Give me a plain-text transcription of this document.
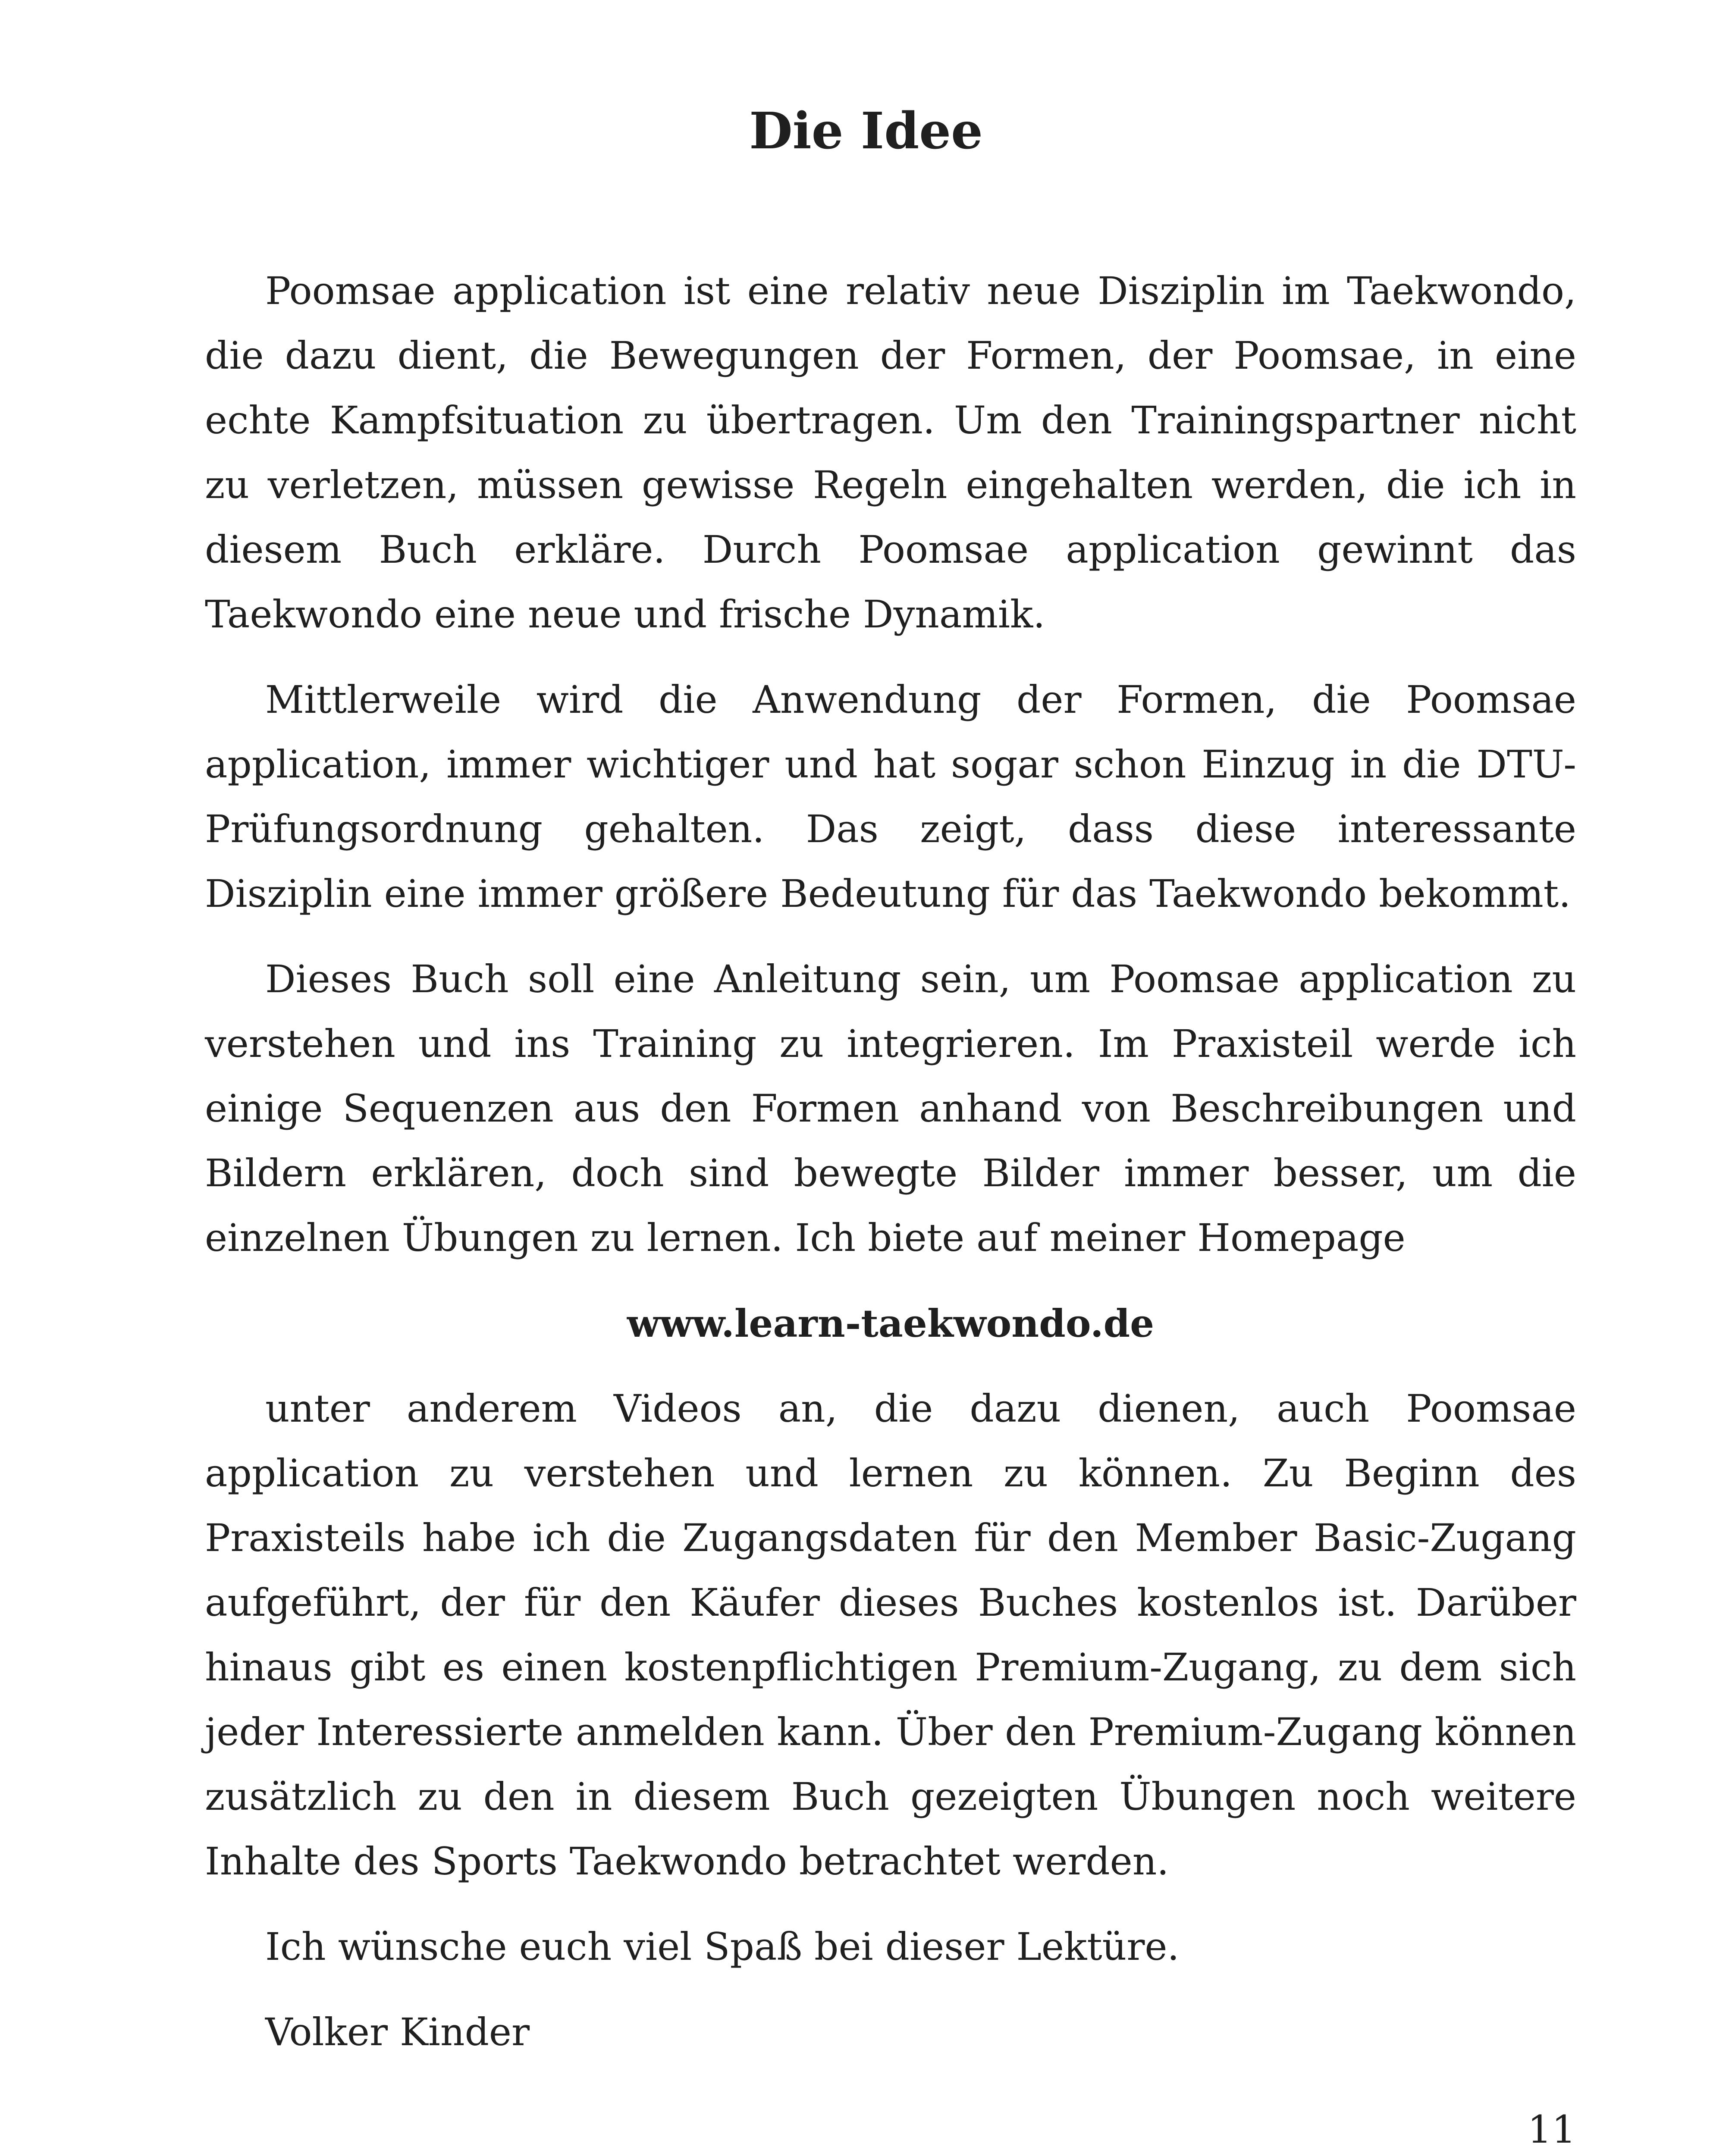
Die Idee

Poomsae application ist eine relativ neue Disziplin im Taekwondo, die dazu dient, die Bewegungen der Formen, der Poomsae, in eine echte Kampfsituation zu übertragen. Um den Trainingspartner nicht zu verletzen, müssen gewisse Regeln eingehalten werden, die ich in diesem Buch erkläre. Durch Poomsae application gewinnt das Taekwondo eine neue und frische Dynamik.

Mittlerweile wird die Anwendung der Formen, die Poomsae application, immer wichtiger und hat sogar schon Einzug in die DTU-Prüfungsordnung gehalten. Das zeigt, dass diese interessante Disziplin eine immer größere Bedeutung für das Taekwondo bekommt.

Dieses Buch soll eine Anleitung sein, um Poomsae application zu verstehen und ins Training zu integrieren. Im Praxisteil werde ich einige Sequenzen aus den Formen anhand von Beschreibungen und Bildern erklären, doch sind bewegte Bilder immer besser, um die einzelnen Übungen zu lernen. Ich biete auf meiner Homepage

www.learn-taekwondo.de

unter anderem Videos an, die dazu dienen, auch Poomsae application zu verstehen und lernen zu können. Zu Beginn des Praxisteils habe ich die Zugangsdaten für den Member Basic-Zugang aufgeführt, der für den Käufer dieses Buches kostenlos ist. Darüber hinaus gibt es einen kostenpflichtigen Premium-Zugang, zu dem sich jeder Interessierte anmelden kann. Über den Premium-Zugang können zusätzlich zu den in diesem Buch gezeigten Übungen noch weitere Inhalte des Sports Taekwondo betrachtet werden.

Ich wünsche euch viel Spaß bei dieser Lektüre.

Volker Kinder

11
